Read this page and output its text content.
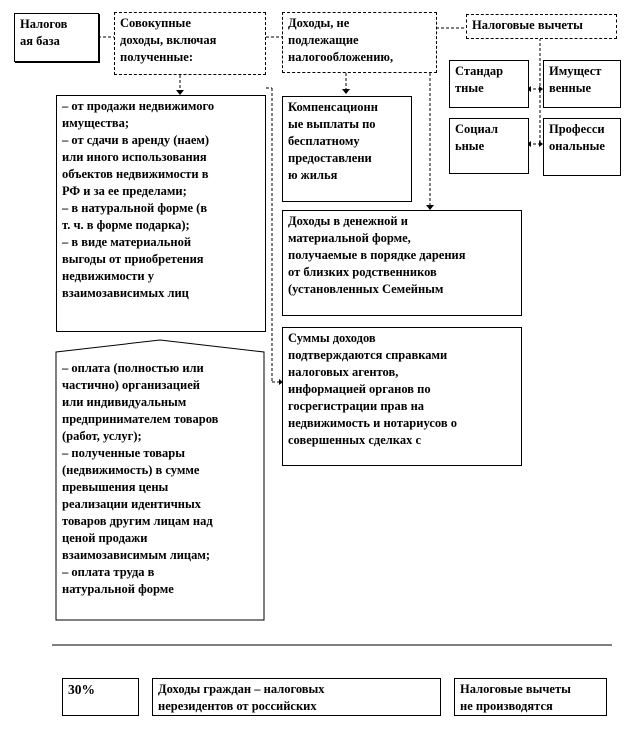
Налогов
ая база
Совокупные
доходы, включая
полученные:
Доходы, не
подлежащие
налогообложению,
Налоговые вычеты
Стандар
тные
Имущест
венные
Социал
ьные
Професси
ональные
– от продажи недвижимого
имущества;
– от сдачи в аренду (наем)
или иного использования
объектов недвижимости в
РФ и за ее пределами;
– в натуральной форме (в
т. ч. в форме подарка);
– в виде материальной
выгоды от приобретения
недвижимости у
взаимозависимых лиц
Компенсационн
ые выплаты по
бесплатному
предоставлени
ю жилья
Доходы в денежной и
материальной форме,
получаемые в порядке дарения
от близких родственников
(установленных Семейным
Суммы доходов
подтверждаются справками
налоговых агентов,
информацией органов по
госрегистрации прав на
недвижимость и нотариусов о
совершенных сделках с
– оплата (полностью или
частично) организацией
или индивидуальным
предпринимателем товаров
(работ, услуг);
– полученные товары
(недвижимость) в сумме
превышения цены
реализации идентичных
товаров другим лицам над
ценой продажи
взаимозависимым лицам;
– оплата труда в
натуральной форме
30%	Доходы граждан – налоговых
нерезидентов от российских
Налоговые вычеты
не производятся
